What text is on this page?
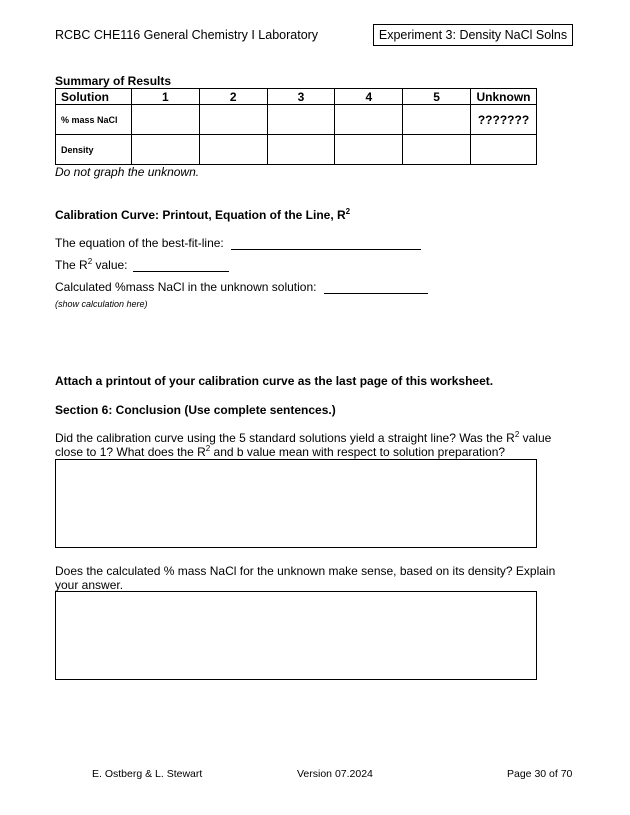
RCBC CHE116 General Chemistry I Laboratory	Experiment 3: Density NaCl Solns
Summary of Results
Solution	1	2	3	4	5	Unknown
% mass NaCl						???????
Density						
Do not graph the unknown.
Calibration Curve: Printout, Equation of the Line, $R^2$
The equation of the best-fit-line:
The $R^2$ value:
Calculated %mass NaCl in the unknown solution:
(show calculation here)
Attach a printout of your calibration curve as the last page of this worksheet.
Section 6: Conclusion (Use complete sentences.)
Did the calibration curve using the 5 standard solutions yield a straight line? Was the $R^2$ value close to 1? What does the $R^2$ and b value mean with respect to solution preparation?
Does the calculated % mass NaCl for the unknown make sense, based on its density? Explain your answer.
E. Ostberg & L. Stewart	Version 07.2024	Page 30 of 70
